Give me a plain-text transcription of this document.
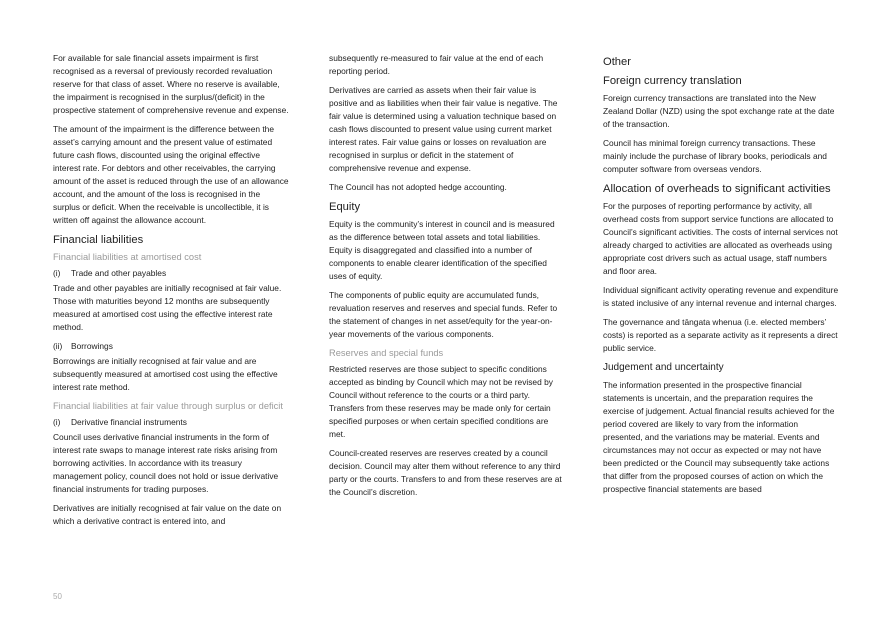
For available for sale financial assets impairment is first recognised as a reversal of previously recorded revaluation reserve for that class of asset. Where no reserve is available, the impairment is recognised in the surplus/(deficit) in the prospective statement of comprehensive revenue and expense.

The amount of the impairment is the difference between the asset’s carrying amount and the present value of estimated future cash flows, discounted using the original effective interest rate. For debtors and other receivables, the carrying amount of the asset is reduced through the use of an allowance account, and the amount of the loss is recognised in the surplus or deficit. When the receivable is uncollectible, it is written off against the allowance account.

Financial liabilities
Financial liabilities at amortised cost
(i) Trade and other payables

Trade and other payables are initially recognised at fair value. Those with maturities beyond 12 months are subsequently measured at amortised cost using the effective interest rate method.

(ii) Borrowings

Borrowings are initially recognised at fair value and are subsequently measured at amortised cost using the effective interest rate method.

Financial liabilities at fair value through surplus or deficit
(i) Derivative financial instruments

Council uses derivative financial instruments in the form of interest rate swaps to manage interest rate risks arising from borrowing activities. In accordance with its treasury management policy, council does not hold or issue derivative financial instruments for trading purposes.

Derivatives are initially recognised at fair value on the date on which a derivative contract is entered into, and

subsequently re-measured to fair value at the end of each reporting period.

Derivatives are carried as assets when their fair value is positive and as liabilities when their fair value is negative. The fair value is determined using a valuation technique based on cash flows discounted to present value using current market interest rates. Fair value gains or losses on revaluation are recognised in surplus or deficit in the statement of comprehensive revenue and expense.

The Council has not adopted hedge accounting.

Equity

Equity is the community’s interest in council and is measured as the difference between total assets and total liabilities. Equity is disaggregated and classified into a number of components to enable clearer identification of the specified uses of equity.

The components of public equity are accumulated funds, revaluation reserves and reserves and special funds. Refer to the statement of changes in net asset/equity for the year-on-year movements of the various components.

Reserves and special funds

Restricted reserves are those subject to specific conditions accepted as binding by Council which may not be revised by Council without reference to the courts or a third party. Transfers from these reserves may be made only for certain specified purposes or when certain specified conditions are met.

Council-created reserves are reserves created by a council decision. Council may alter them without reference to any third party or the courts. Transfers to and from these reserves are at the Council’s discretion.

Other
Foreign currency translation

Foreign currency transactions are translated into the New Zealand Dollar (NZD) using the spot exchange rate at the date of the transaction.

Council has minimal foreign currency transactions. These mainly include the purchase of library books, periodicals and computer software from overseas vendors.

Allocation of overheads to significant activities

For the purposes of reporting performance by activity, all overhead costs from support service functions are allocated to Council’s significant activities. The costs of internal services not already charged to activities are allocated as overheads using appropriate cost drivers such as actual usage, staff numbers and floor area.

Individual significant activity operating revenue and expenditure is stated inclusive of any internal revenue and internal charges.

The governance and tāngata whenua (i.e. elected members’ costs) is reported as a separate activity as it represents a direct public service.

Judgement and uncertainty

The information presented in the prospective financial statements is uncertain, and the preparation requires the exercise of judgement. Actual financial results achieved for the period covered are likely to vary from the information presented, and the variations may be material. Events and circumstances may not occur as expected or may not have been predicted or the Council may subsequently take actions that differ from the proposed courses of action on which the prospective financial statements are based

50
